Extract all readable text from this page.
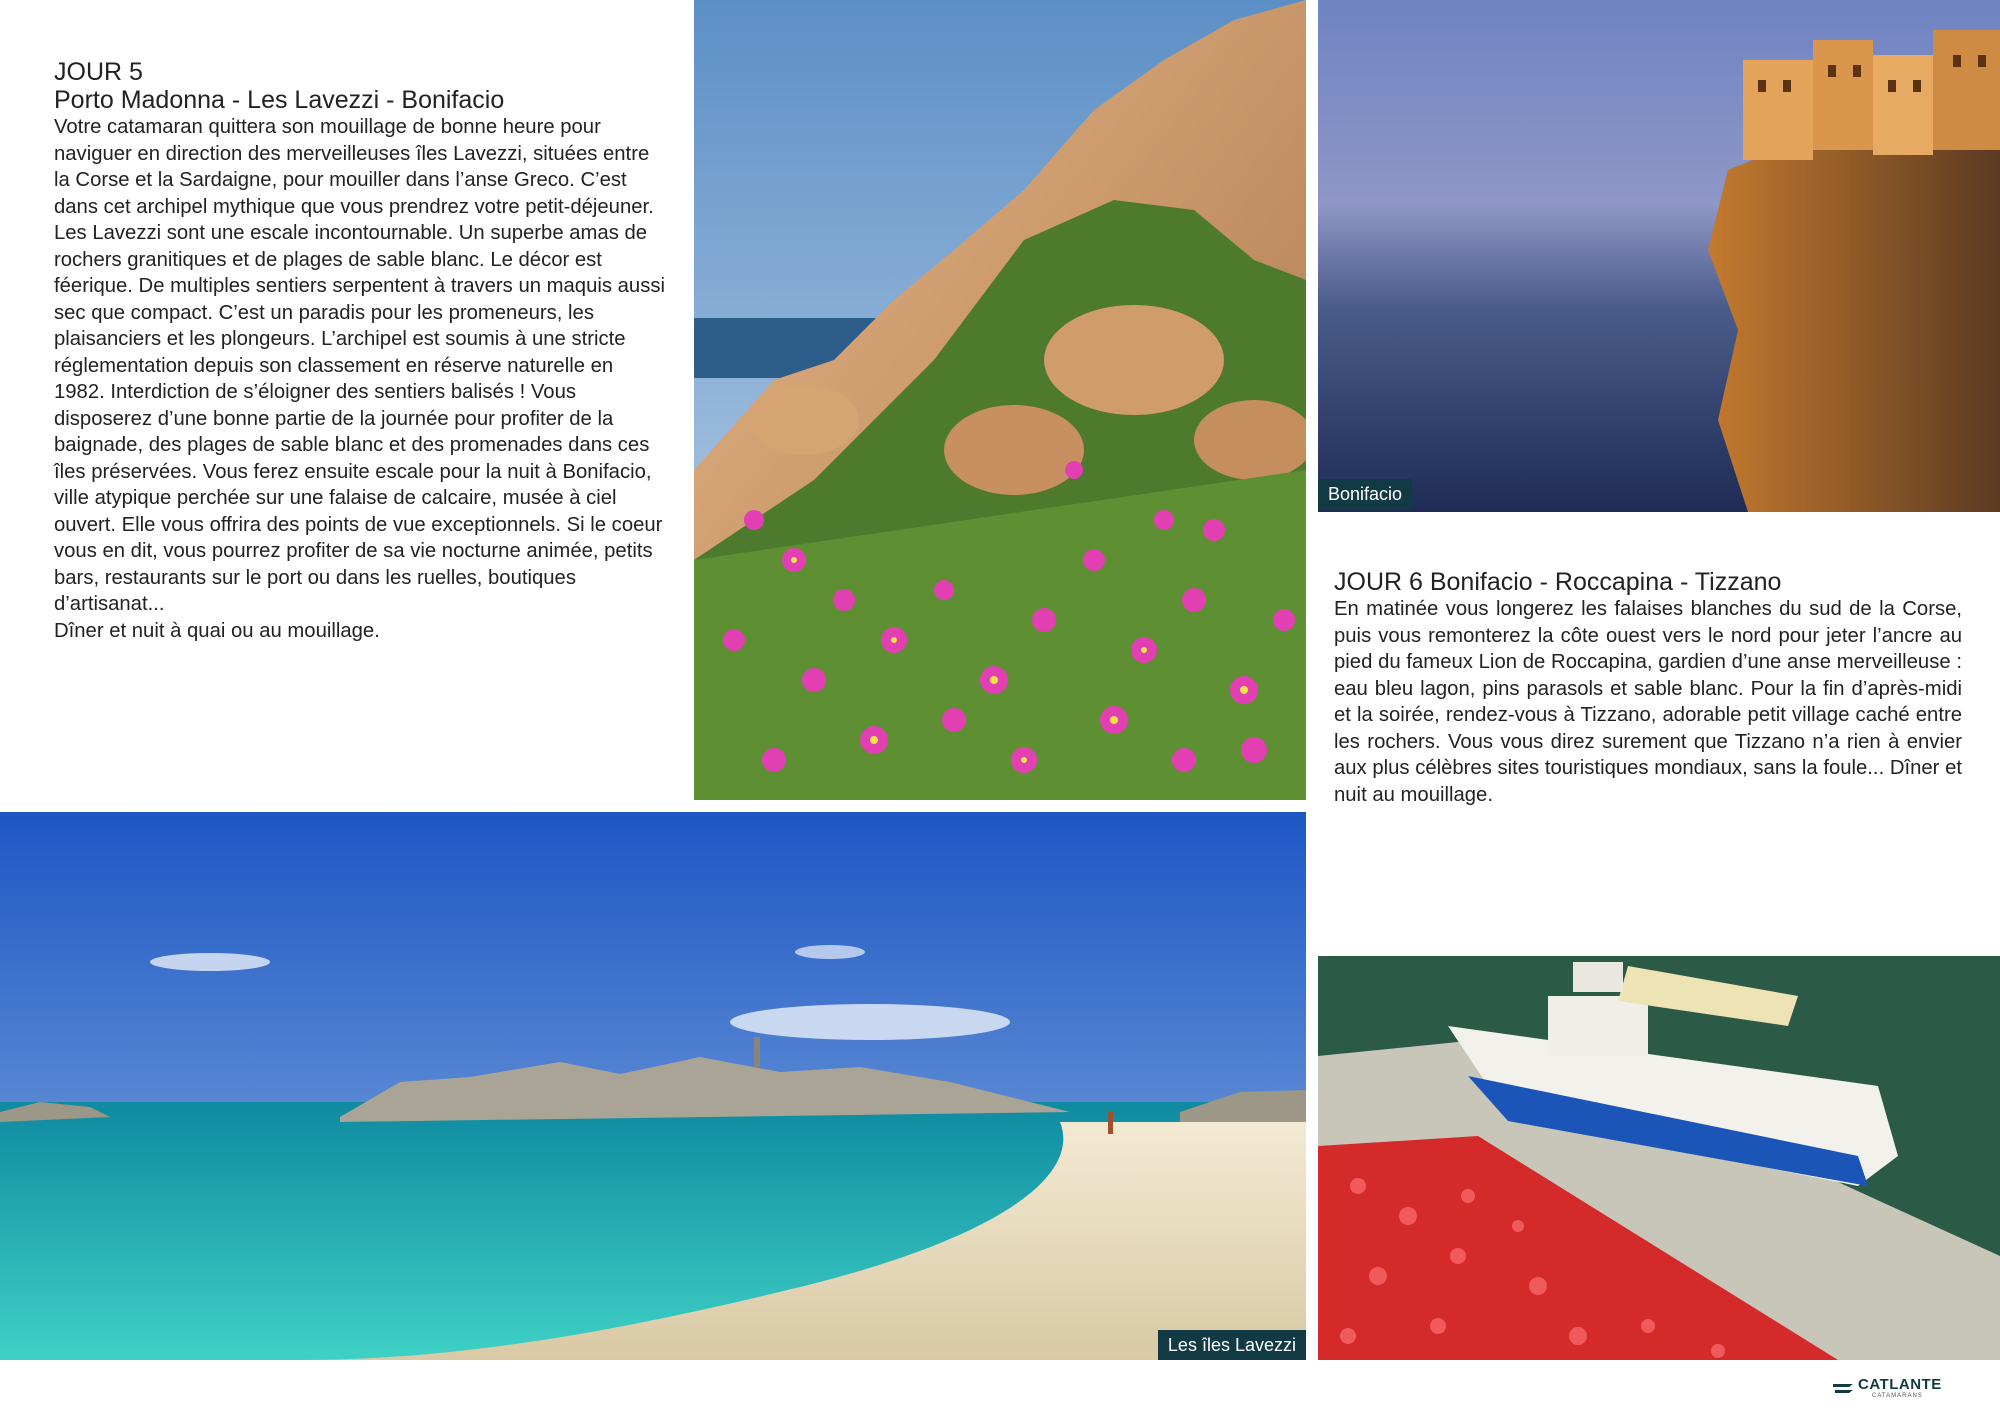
JOUR 5
Porto Madonna - Les Lavezzi - Bonifacio

Votre catamaran quittera son mouillage de bonne heure pour naviguer en direction des merveilleuses îles Lavezzi, situées entre la Corse et la Sardaigne, pour mouiller dans l’anse Greco. C’est dans cet archipel mythique que vous prendrez votre petit-déjeuner. Les Lavezzi sont une escale incontournable. Un superbe amas de rochers granitiques et de plages de sable blanc. Le décor est féerique. De multiples sentiers serpentent à travers un maquis aussi sec que compact. C’est un paradis pour les promeneurs, les plaisanciers et les plongeurs. L’archipel est soumis à une stricte réglementation depuis son classement en réserve naturelle en 1982. Interdiction de s’éloigner des sentiers balisés ! Vous disposerez d’une bonne partie de la journée pour profiter de la baignade, des plages de sable blanc et des promenades dans ces îles préservées. Vous ferez ensuite escale pour la nuit à Bonifacio, ville atypique perchée sur une falaise de calcaire, musée à ciel ouvert. Elle vous offrira des points de vue exceptionnels. Si le coeur vous en dit, vous pourrez profiter de sa vie nocturne animée, petits bars, restaurants sur le port ou dans les ruelles, boutiques d’artisanat...

Dîner et nuit à quai ou au mouillage.

Bonifacio
JOUR 6 Bonifacio - Roccapina - Tizzano

En matinée vous longerez les falaises blanches du sud de la Corse, puis vous remonterez la côte ouest vers le nord pour jeter l’ancre au pied du fameux Lion de Roccapina, gardien d’une anse merveilleuse : eau bleu lagon, pins parasols et sable blanc. Pour la fin d’après-midi et la soirée, rendez-vous à Tizzano, adorable petit village caché entre les rochers. Vous vous direz surement que Tizzano n’a rien à envier aux plus célèbres sites touristiques mondiaux, sans la foule... Dîner et nuit au mouillage.

Les îles Lavezzi
CATLANTE
CATAMARANS
